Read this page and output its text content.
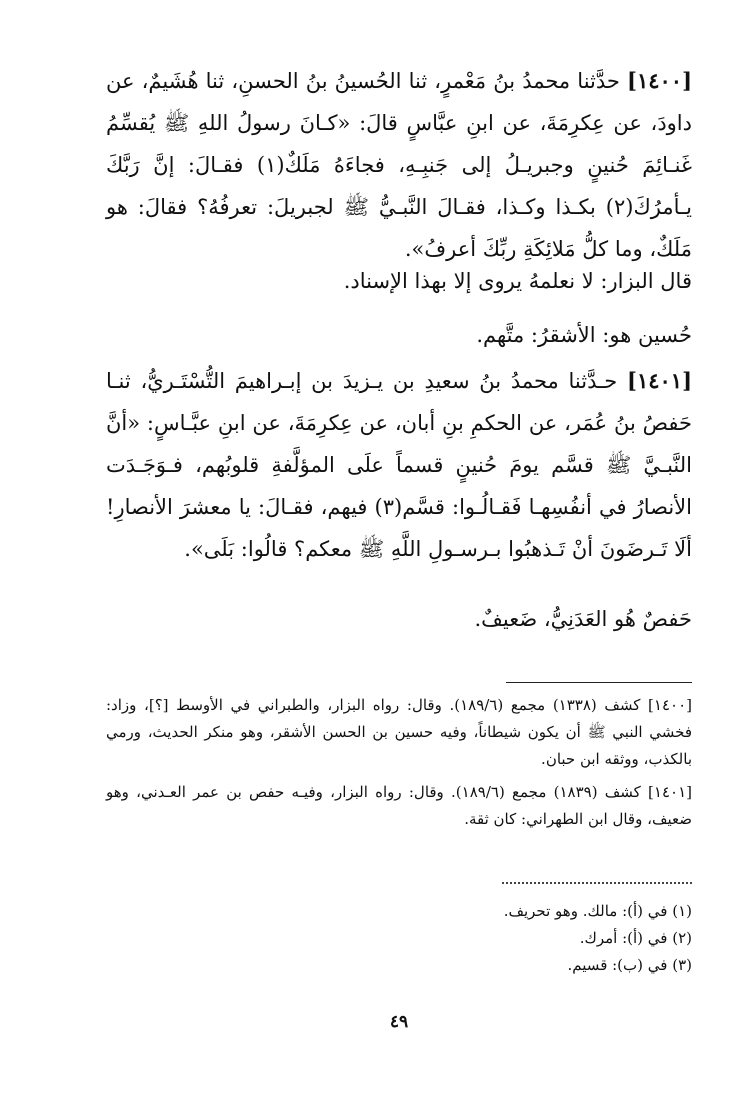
[١٤٠٠] حدَّثنا محمدُ بنُ مَعْمرٍ، ثنا الحُسينُ بنُ الحسنِ، ثنا هُشَيمٌ، عن داودَ، عن عِكرِمَةَ، عن ابنِ عبَّاسٍ قالَ: «كـانَ رسولُ اللهِ ﷺ يُقسِّمُ غَنـائِمَ حُنينٍ وجبريـلُ إلى جَنبِـهِ، فجاءَهُ مَلَكٌ(١) فقـالَ: إنَّ رَبَّكَ يـأمرُكَ(٢) بكـذا وكـذا، فقـالَ النَّبـيُّ ﷺ لجبريلَ: تعرفُهُ؟ فقالَ: هو مَلَكٌ، وما كلُّ مَلائِكَةِ ربِّكَ أعرفُ».

قال البزار: لا نعلمهُ يروى إلا بهذا الإسناد.

حُسين هو: الأشقرُ: متَّهم.

[١٤٠١] حـدَّثنا محمدُ بنُ سعيدِ بن يـزيدَ بن إبـراهيمَ التُّسْتَـريُّ، ثنـا حَفصُ بنُ عُمَر، عن الحكمِ بنِ أبان، عن عِكرِمَةَ، عن ابنِ عبَّـاسٍ: «أنَّ النَّبـيَّ ﷺ قسَّم يومَ حُنينٍ قسماً علَى المؤلَّفةِ قلوبُهم، فـوَجَـدَت الأنصارُ في أنفُسِهـا فَقـالُـوا: قسَّم(٣) فيهم، فقـالَ: يا معشرَ الأنصارِ! ألَا تَـرضَونَ أنْ تَـذهبُوا بـرسـولِ اللَّهِ ﷺ معكم؟ قالُوا: بَلَى».

حَفصٌ هُو العَدَنِيُّ، ضَعيفٌ.

[١٤٠٠] كشف (١٣٣٨) مجمع (١٨٩/٦). وقال: رواه البزار، والطبراني في الأوسط [؟]، وزاد: فخشي النبي ﷺ أن يكون شيطاناً، وفيه حسين بن الحسن الأشقر، وهو منكر الحديث، ورمي بالكذب، ووثقه ابن حبان.

[١٤٠١] كشف (١٨٣٩) مجمع (١٨٩/٦). وقال: رواه البزار، وفيـه حفص بن عمر العـدني، وهو ضعيف، وقال ابن الطهراني: كان ثقة.

(١) في (أ): مالك. وهو تحريف.

(٢) في (أ): أمرك.

(٣) في (ب): قسيم.

٤٩
